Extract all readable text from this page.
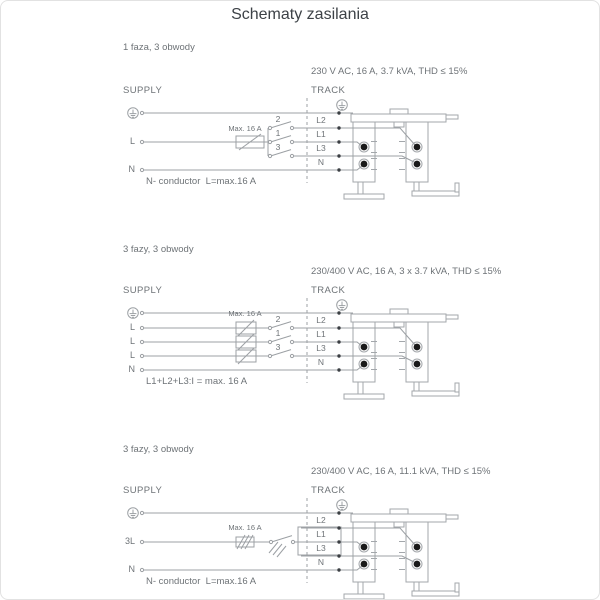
Schematy zasilania
1 faza, 3 obwody
230 V AC, 16 A, 3.7 kVA, THD ≤ 15%
SUPPLY	TRACK
L
N
Max. 16 A
2
1
3
L2
L1
L3
N
N- conductor  L=max.16 A
3 fazy, 3 obwody
230/400 V AC, 16 A, 3 x 3.7 kVA, THD ≤ 15%
SUPPLY	TRACK
L
L
L
N
Max. 16 A
2
1
3
L2
L1
L3
N
L1+L2+L3:I = max. 16 A
3 fazy, 3 obwody
230/400 V AC, 16 A, 11.1 kVA, THD ≤ 15%
SUPPLY	TRACK
3L
N
Max. 16 A
L2
L1
L3
N
N- conductor  L=max.16 A
